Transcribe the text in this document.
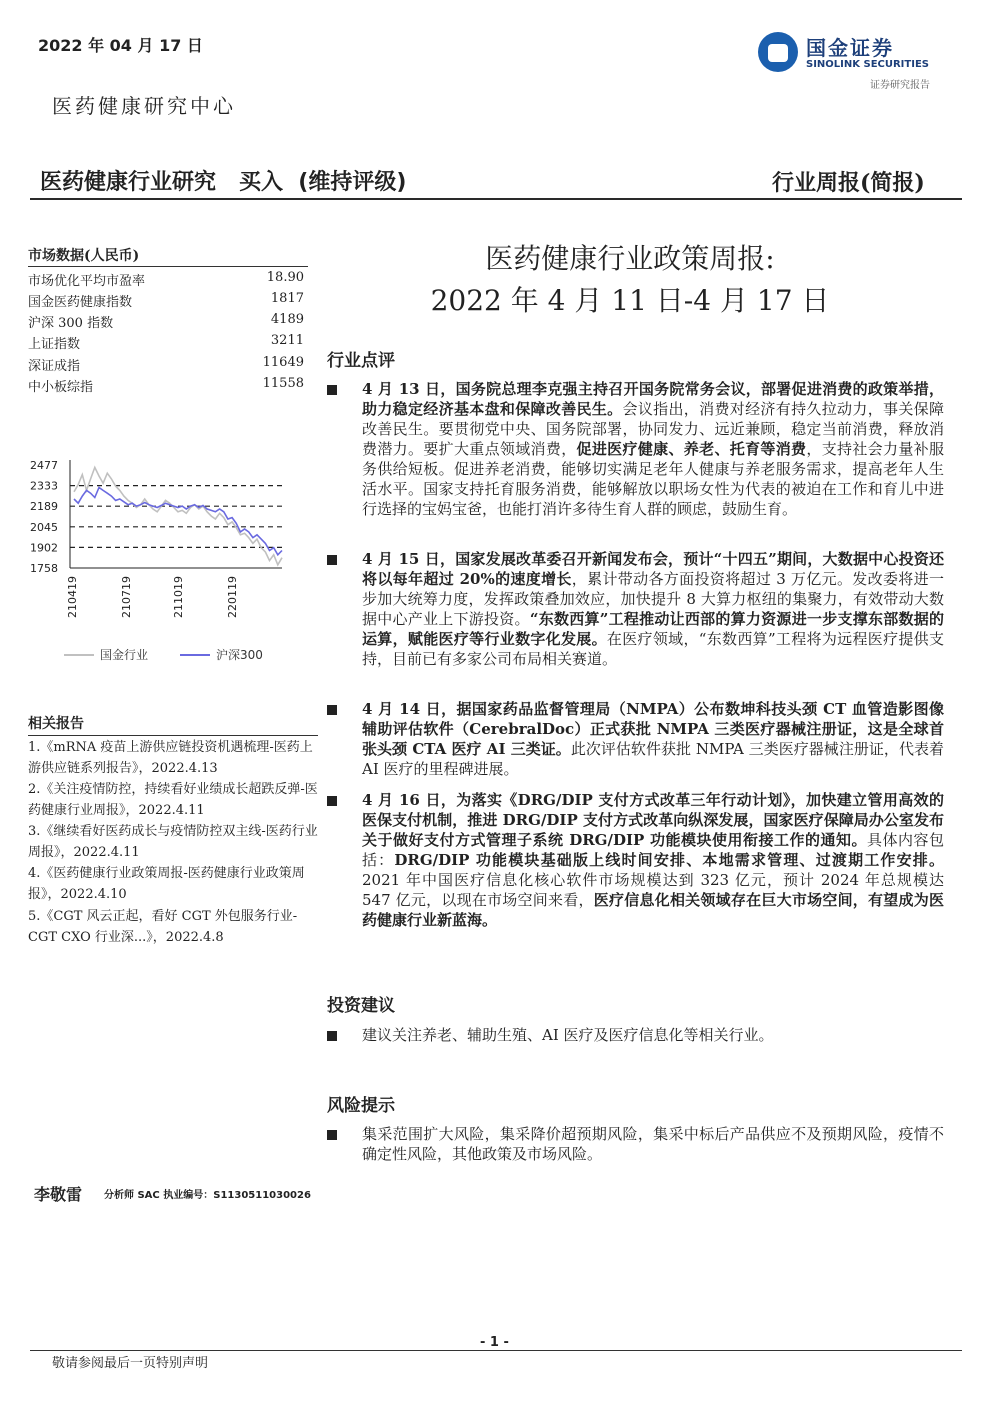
2022 年 04 月 17 日	国金证券
SINOLINK SECURITIES
证券研究报告
医药健康研究中心
医药健康行业研究   买入  (维持评级)	行业周报(简报)
市场数据(人民币)
市场优化平均市盈率	18.90
国金医药健康指数	1817
沪深 300 指数	4189
上证指数	3211
深证成指	11649
中小板综指	11558
2477
2333
2189
2045
1902
1758
210419	210719	211019	220119
国金行业	沪深300
相关报告
1.《mRNA 疫苗上游供应链投资机遇梳理-医药上游供应链系列报告》，2022.4.13
2.《关注疫情防控，持续看好业绩成长超跌反弹-医药健康行业周报》，2022.4.11
3.《继续看好医药成长与疫情防控双主线-医药行业周报》，2022.4.11
4.《医药健康行业政策周报-医药健康行业政策周报》，2022.4.10
5.《CGT 风云正起，看好 CGT 外包服务行业-CGT CXO 行业深...》，2022.4.8
李敬雷 分析师 SAC 执业编号：S1130511030026
医药健康行业政策周报:
2022 年 4 月 11 日-4 月 17 日
行业点评
4 月 13 日，国务院总理李克强主持召开国务院常务会议，部署促进消费的政策举措，助力稳定经济基本盘和保障改善民生。会议指出，消费对经济有持久拉动力，事关保障改善民生。要贯彻党中央、国务院部署，协同发力、远近兼顾，稳定当前消费，释放消费潜力。要扩大重点领域消费，促进医疗健康、养老、托育等消费，支持社会力量补服务供给短板。促进养老消费，能够切实满足老年人健康与养老服务需求，提高老年人生活水平。国家支持托育服务消费，能够解放以职场女性为代表的被迫在工作和育儿中进行选择的宝妈宝爸，也能打消许多待生育人群的顾虑，鼓励生育。
4 月 15 日，国家发展改革委召开新闻发布会，预计“十四五”期间，大数据中心投资还将以每年超过 20%的速度增长，累计带动各方面投资将超过 3 万亿元。发改委将进一步加大统筹力度，发挥政策叠加效应，加快提升 8 大算力枢纽的集聚力，有效带动大数据中心产业上下游投资。“东数西算”工程推动让西部的算力资源进一步支撑东部数据的运算，赋能医疗等行业数字化发展。在医疗领域，“东数西算”工程将为远程医疗提供支持，目前已有多家公司布局相关赛道。
4 月 14 日，据国家药品监督管理局（NMPA）公布数坤科技头颈 CT 血管造影图像辅助评估软件（CerebralDoc）正式获批 NMPA 三类医疗器械注册证，这是全球首张头颈 CTA 医疗 AI 三类证。此次评估软件获批 NMPA 三类医疗器械注册证，代表着 AI 医疗的里程碑进展。
4 月 16 日，为落实《DRG/DIP 支付方式改革三年行动计划》，加快建立管用高效的医保支付机制，推进 DRG/DIP 支付方式改革向纵深发展，国家医疗保障局办公室发布关于做好支付方式管理子系统 DRG/DIP 功能模块使用衔接工作的通知。具体内容包括：DRG/DIP 功能模块基础版上线时间安排、本地需求管理、过渡期工作安排。2021 年中国医疗信息化核心软件市场规模达到 323 亿元，预计 2024 年总规模达 547 亿元，以现在市场空间来看，医疗信息化相关领域存在巨大市场空间，有望成为医药健康行业新蓝海。
投资建议
建议关注养老、辅助生殖、AI 医疗及医疗信息化等相关行业。
风险提示
集采范围扩大风险，集采降价超预期风险，集采中标后产品供应不及预期风险，疫情不确定性风险，其他政策及市场风险。
- 1 -
敬请参阅最后一页特别声明
